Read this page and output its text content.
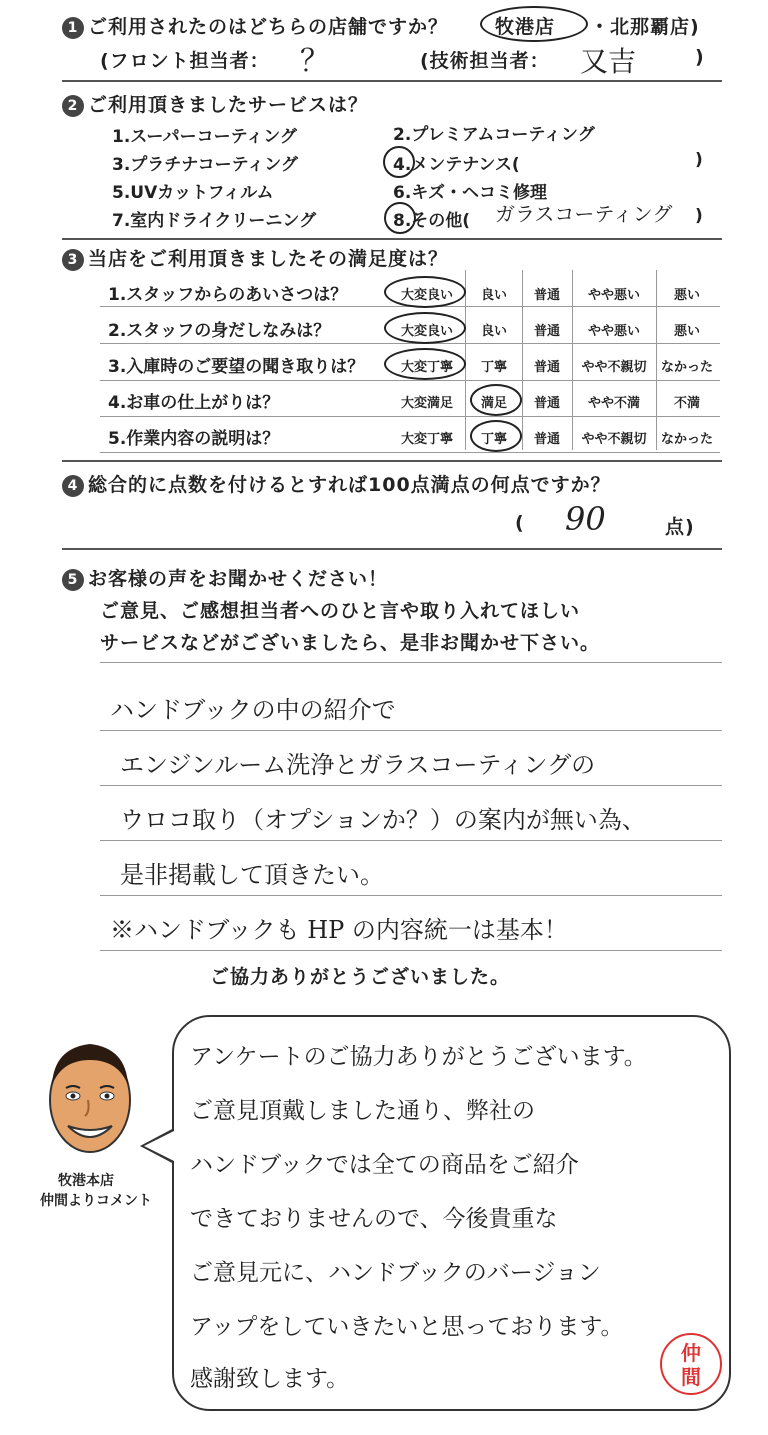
1 ご利用されたのはどちらの店舗ですか？ 牧港店 ・北那覇店)
(フロント担当者： ？	(技術担当者： 又吉	)
2 ご利用頂きましたサービスは？
1.スーパーコーティング	2.プレミアムコーティング
3.プラチナコーティング	4.メンテナンス(	)
5.UVカットフィルム	6.キズ・ヘコミ修理
7.室内ドライクリーニング	8.その他( ガラスコーティング )
3 当店をご利用頂きましたその満足度は？
1.スタッフからのあいさつは？	大変良い	良い	普通	やや悪い	悪い
2.スタッフの身だしなみは？	大変良い	良い	普通	やや悪い	悪い
3.入庫時のご要望の聞き取りは？	大変丁寧	丁寧	普通	やや不親切	なかった
4.お車の仕上がりは？	大変満足	満足	普通	やや不満	不満
5.作業内容の説明は？	大変丁寧	丁寧	普通	やや不親切	なかった
4 総合的に点数を付けるとすれば100点満点の何点ですか？
( 90	点)
5 お客様の声をお聞かせください！
ご意見、ご感想担当者へのひと言や取り入れてほしい
サービスなどがございましたら、是非お聞かせ下さい。
ハンドブックの中の紹介で
エンジンルーム洗浄とガラスコーティングの
ウロコ取り（オプションか？）の案内が無い為、
是非掲載して頂きたい。
※ハンドブックも HP の内容統一は基本！
ご協力ありがとうございました。
牧港本店
仲間よりコメント
アンケートのご協力ありがとうございます。
ご意見頂戴しました通り、弊社の
ハンドブックでは全ての商品をご紹介
できておりませんので、今後貴重な
ご意見元に、ハンドブックのバージョン
アップをしていきたいと思っております。
感謝致します。
仲
間
